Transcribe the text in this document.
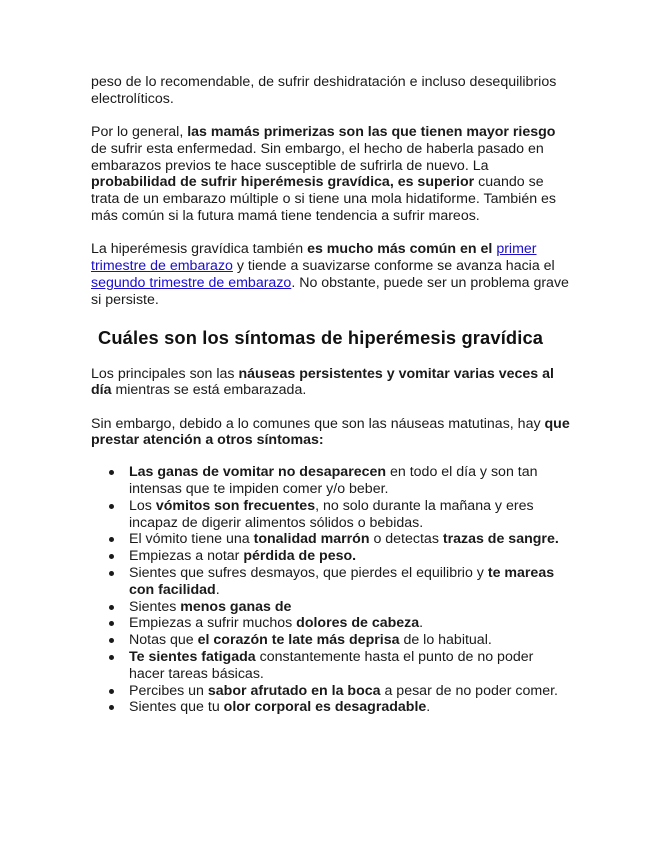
peso de lo recomendable, de sufrir deshidratación e incluso desequilibrios electrolíticos.

Por lo general, las mamás primerizas son las que tienen mayor riesgo de sufrir esta enfermedad. Sin embargo, el hecho de haberla pasado en embarazos previos te hace susceptible de sufrirla de nuevo. La probabilidad de sufrir hiperémesis gravídica, es superior cuando se trata de un embarazo múltiple o si tiene una mola hidatiforme. También es más común si la futura mamá tiene tendencia a sufrir mareos.

La hiperémesis gravídica también es mucho más común en el primer trimestre de embarazo y tiende a suavizarse conforme se avanza hacia el segundo trimestre de embarazo. No obstante, puede ser un problema grave si persiste.

Cuáles son los síntomas de hiperémesis gravídica

Los principales son las náuseas persistentes y vomitar varias veces al día mientras se está embarazada.

Sin embargo, debido a lo comunes que son las náuseas matutinas, hay que prestar atención a otros síntomas:

Las ganas de vomitar no desaparecen en todo el día y son tan intensas que te impiden comer y/o beber.
Los vómitos son frecuentes, no solo durante la mañana y eres incapaz de digerir alimentos sólidos o bebidas.
El vómito tiene una tonalidad marrón o detectas trazas de sangre.
Empiezas a notar pérdida de peso.
Sientes que sufres desmayos, que pierdes el equilibrio y te mareas con facilidad.
Sientes menos ganas de
Empiezas a sufrir muchos dolores de cabeza.
Notas que el corazón te late más deprisa de lo habitual.
Te sientes fatigada constantemente hasta el punto de no poder hacer tareas básicas.
Percibes un sabor afrutado en la boca a pesar de no poder comer.
Sientes que tu olor corporal es desagradable.
